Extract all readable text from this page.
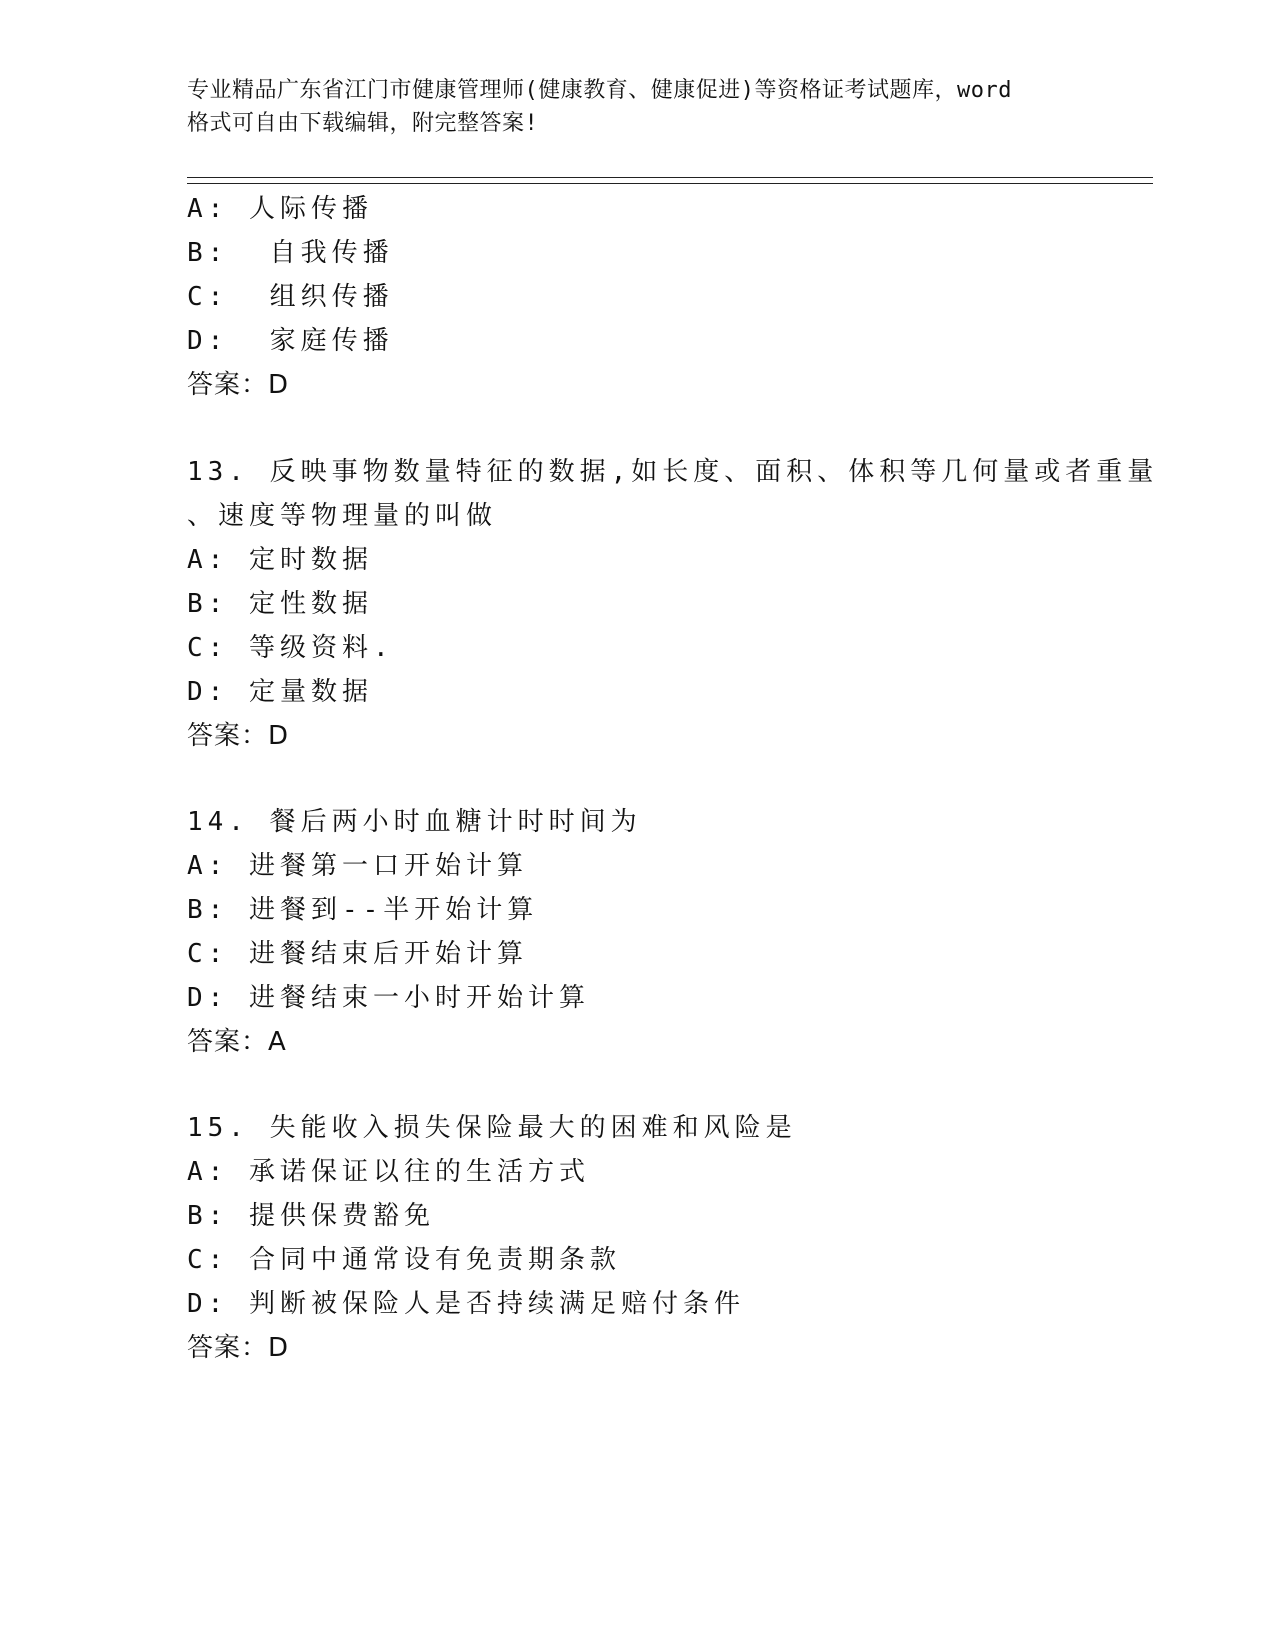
专业精品广东省江门市健康管理师(健康教育、健康促进)等资格证考试题库，word
格式可自由下载编辑，附完整答案!
A: 人际传播
B:  自我传播
C:  组织传播
D:  家庭传播
答案：D
13. 反映事物数量特征的数据,如长度、面积、体积等几何量或者重量
、速度等物理量的叫做
A: 定时数据
B: 定性数据
C: 等级资料.
D: 定量数据
答案：D
14. 餐后两小时血糖计时时间为
A: 进餐第一口开始计算
B: 进餐到--半开始计算
C: 进餐结束后开始计算
D: 进餐结束一小时开始计算
答案：A
15. 失能收入损失保险最大的困难和风险是
A: 承诺保证以往的生活方式
B: 提供保费豁免
C: 合同中通常设有免责期条款
D: 判断被保险人是否持续满足赔付条件
答案：D
